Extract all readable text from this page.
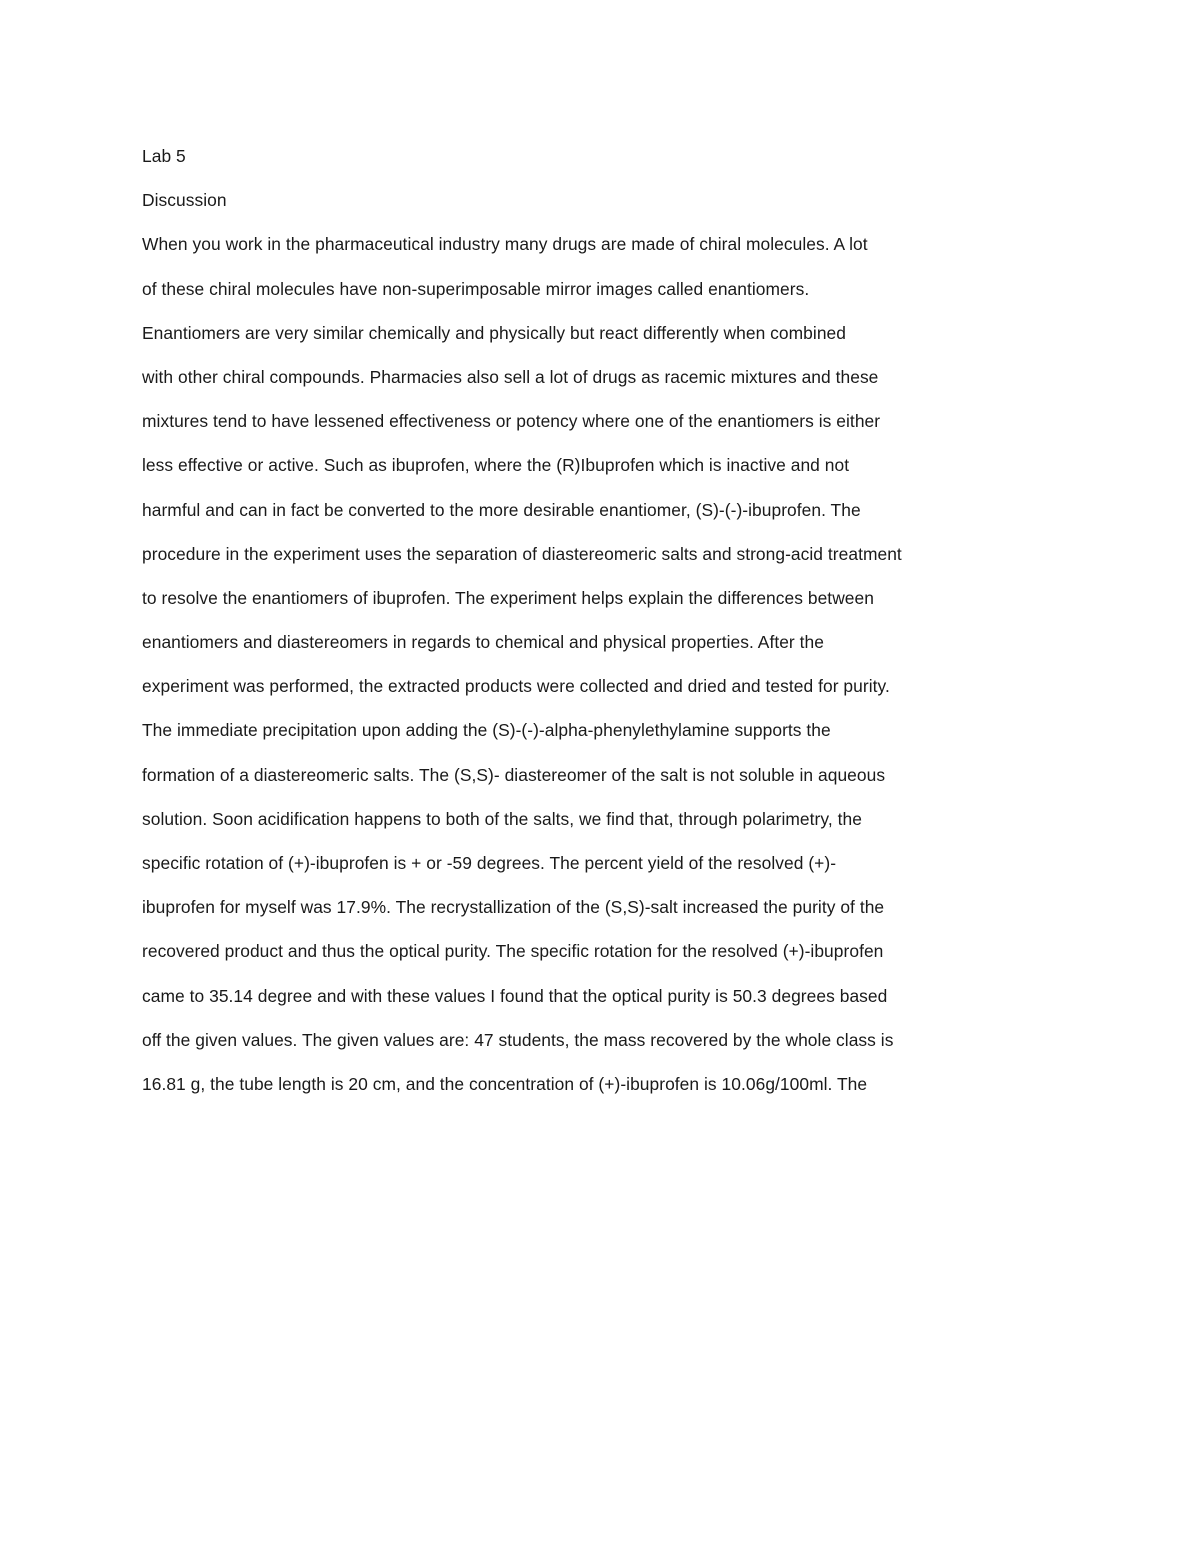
Lab 5
Discussion
When you work in the pharmaceutical industry many drugs are made of chiral molecules. A lot
of these chiral molecules have non-superimposable mirror images called enantiomers.
Enantiomers are very similar chemically and physically but react differently when combined
with other chiral compounds. Pharmacies also sell a lot of drugs as racemic mixtures and these
mixtures tend to have lessened effectiveness or potency where one of the enantiomers is either
less effective or active. Such as ibuprofen, where the (R)Ibuprofen which is inactive and not
harmful and can in fact be converted to the more desirable enantiomer, (S)-(-)-ibuprofen. The
procedure in the experiment uses the separation of diastereomeric salts and strong-acid treatment
to resolve the enantiomers of ibuprofen. The experiment helps explain the differences between
enantiomers and diastereomers in regards to chemical and physical properties. After the
experiment was performed, the extracted products were collected and dried and tested for purity.
The immediate precipitation upon adding the (S)-(-)-alpha-phenylethylamine supports the
formation of a diastereomeric salts. The (S,S)- diastereomer of the salt is not soluble in aqueous
solution. Soon acidification happens to both of the salts, we find that, through polarimetry, the
specific rotation of (+)-ibuprofen is + or -59 degrees. The percent yield of the resolved (+)-
ibuprofen for myself was 17.9%. The recrystallization of the (S,S)-salt increased the purity of the
recovered product and thus the optical purity. The specific rotation for the resolved (+)-ibuprofen
came to 35.14 degree and with these values I found that the optical purity is 50.3 degrees based
off the given values. The given values are: 47 students, the mass recovered by the whole class is
16.81 g, the tube length is 20 cm, and the concentration of (+)-ibuprofen is 10.06g/100ml. The
